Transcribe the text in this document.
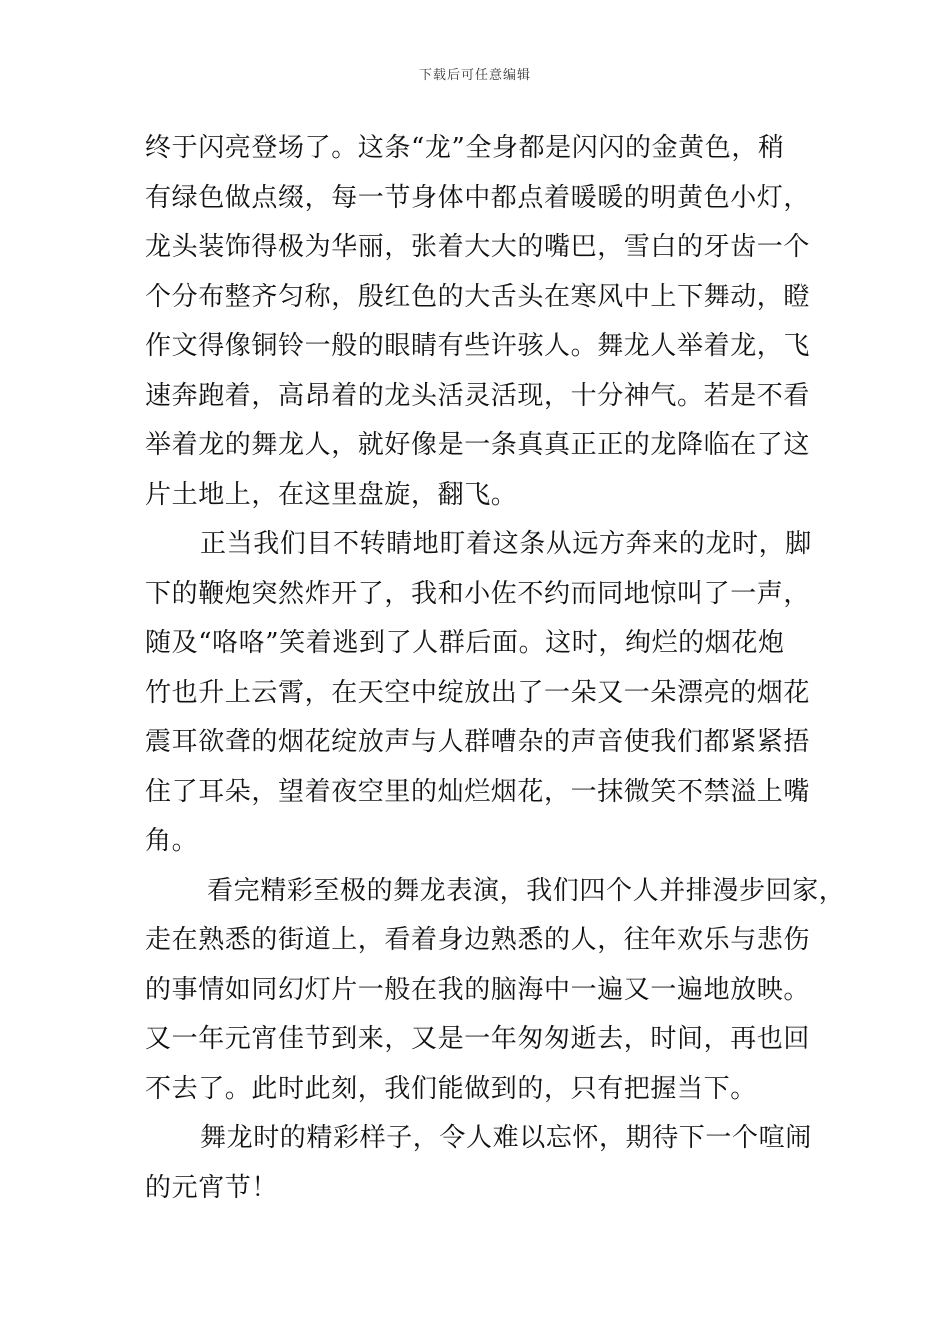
下载后可任意编辑
终于闪亮登场了。这条“龙”全身都是闪闪的金黄色，稍
有绿色做点缀，每一节身体中都点着暖暖的明黄色小灯，
龙头装饰得极为华丽，张着大大的嘴巴，雪白的牙齿一个
个分布整齐匀称，殷红色的大舌头在寒风中上下舞动，瞪
作文得像铜铃一般的眼睛有些许骇人。舞龙人举着龙，飞
速奔跑着，高昂着的龙头活灵活现，十分神气。若是不看
举着龙的舞龙人，就好像是一条真真正正的龙降临在了这
片土地上，在这里盘旋，翻飞。
正当我们目不转睛地盯着这条从远方奔来的龙时，脚
下的鞭炮突然炸开了，我和小佐不约而同地惊叫了一声，
随及“咯咯”笑着逃到了人群后面。这时，绚烂的烟花炮
竹也升上云霄，在天空中绽放出了一朵又一朵漂亮的烟花
震耳欲聋的烟花绽放声与人群嘈杂的声音使我们都紧紧捂
住了耳朵，望着夜空里的灿烂烟花，一抹微笑不禁溢上嘴
角。
看完精彩至极的舞龙表演，我们四个人并排漫步回家，
走在熟悉的街道上，看着身边熟悉的人，往年欢乐与悲伤
的事情如同幻灯片一般在我的脑海中一遍又一遍地放映。
又一年元宵佳节到来，又是一年匆匆逝去，时间，再也回
不去了。此时此刻，我们能做到的，只有把握当下。
舞龙时的精彩样子，令人难以忘怀，期待下一个喧闹
的元宵节！
